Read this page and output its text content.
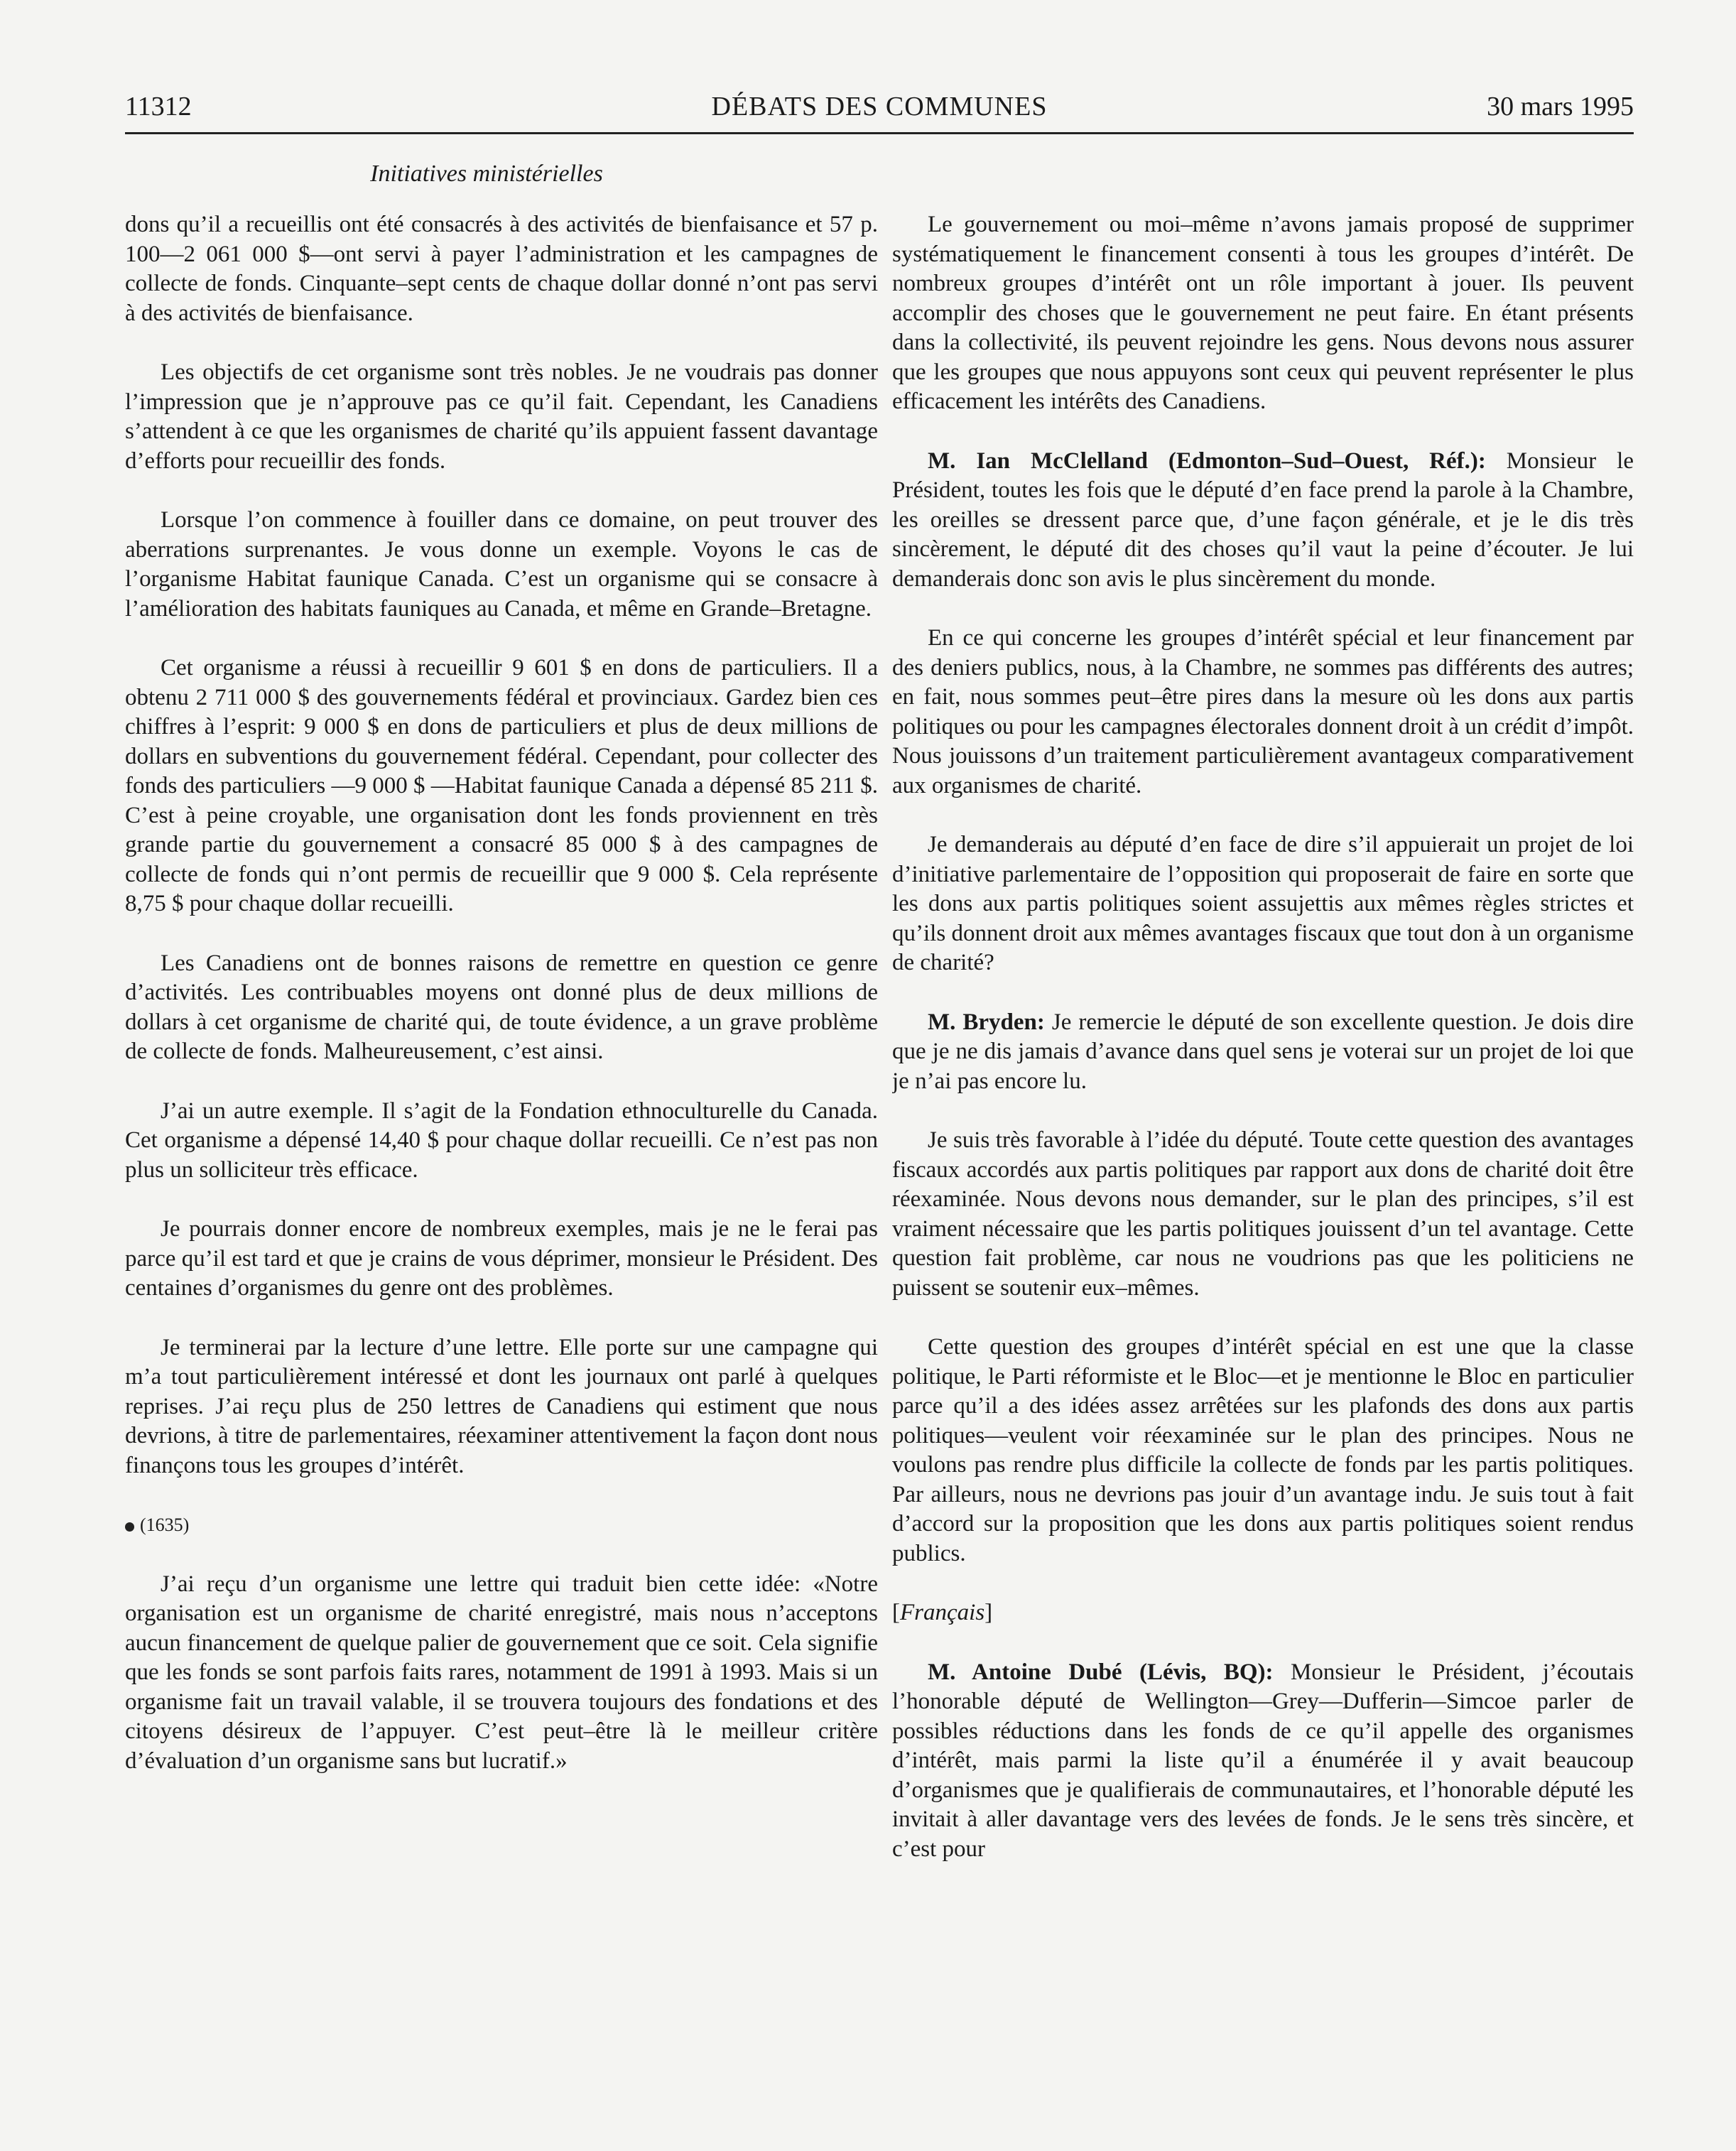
11312	DÉBATS DES COMMUNES	30 mars 1995
Initiatives ministérielles

dons qu’il a recueillis ont été consacrés à des activités de bienfaisance et 57 p. 100—2 061 000 $—ont servi à payer l’administration et les campagnes de collecte de fonds. Cinquante–sept cents de chaque dollar donné n’ont pas servi à des activités de bienfaisance.

Les objectifs de cet organisme sont très nobles. Je ne voudrais pas donner l’impression que je n’approuve pas ce qu’il fait. Cependant, les Canadiens s’attendent à ce que les organismes de charité qu’ils appuient fassent davantage d’efforts pour recueillir des fonds.

Lorsque l’on commence à fouiller dans ce domaine, on peut trouver des aberrations surprenantes. Je vous donne un exemple. Voyons le cas de l’organisme Habitat faunique Canada. C’est un organisme qui se consacre à l’amélioration des habitats fauniques au Canada, et même en Grande–Bretagne.

Cet organisme a réussi à recueillir 9 601 $ en dons de particuliers. Il a obtenu 2 711 000 $ des gouvernements fédéral et provinciaux. Gardez bien ces chiffres à l’esprit: 9 000 $ en dons de particuliers et plus de deux millions de dollars en subventions du gouvernement fédéral. Cependant, pour collecter des fonds des particuliers —9 000 $ —Habitat faunique Canada a dépensé 85 211 $. C’est à peine croyable, une organisation dont les fonds proviennent en très grande partie du gouvernement a consacré 85 000 $ à des campagnes de collecte de fonds qui n’ont permis de recueillir que 9 000 $. Cela représente 8,75 $ pour chaque dollar recueilli.

Les Canadiens ont de bonnes raisons de remettre en question ce genre d’activités. Les contribuables moyens ont donné plus de deux millions de dollars à cet organisme de charité qui, de toute évidence, a un grave problème de collecte de fonds. Malheureusement, c’est ainsi.

J’ai un autre exemple. Il s’agit de la Fondation ethnoculturelle du Canada. Cet organisme a dépensé 14,40 $ pour chaque dollar recueilli. Ce n’est pas non plus un solliciteur très efficace.

Je pourrais donner encore de nombreux exemples, mais je ne le ferai pas parce qu’il est tard et que je crains de vous déprimer, monsieur le Président. Des centaines d’organismes du genre ont des problèmes.

Je terminerai par la lecture d’une lettre. Elle porte sur une campagne qui m’a tout particulièrement intéressé et dont les journaux ont parlé à quelques reprises. J’ai reçu plus de 250 lettres de Canadiens qui estiment que nous devrions, à titre de parlementaires, réexaminer attentivement la façon dont nous finançons tous les groupes d’intérêt.

(1635)

J’ai reçu d’un organisme une lettre qui traduit bien cette idée: «Notre organisation est un organisme de charité enregistré, mais nous n’acceptons aucun financement de quelque palier de gouvernement que ce soit. Cela signifie que les fonds se sont parfois faits rares, notamment de 1991 à 1993. Mais si un organisme fait un travail valable, il se trouvera toujours des fondations et des citoyens désireux de l’appuyer. C’est peut–être là le meilleur critère d’évaluation d’un organisme sans but lucratif.»

Le gouvernement ou moi–même n’avons jamais proposé de supprimer systématiquement le financement consenti à tous les groupes d’intérêt. De nombreux groupes d’intérêt ont un rôle important à jouer. Ils peuvent accomplir des choses que le gouvernement ne peut faire. En étant présents dans la collectivité, ils peuvent rejoindre les gens. Nous devons nous assurer que les groupes que nous appuyons sont ceux qui peuvent représenter le plus efficacement les intérêts des Canadiens.

M. Ian McClelland (Edmonton–Sud–Ouest, Réf.): Monsieur le Président, toutes les fois que le député d’en face prend la parole à la Chambre, les oreilles se dressent parce que, d’une façon générale, et je le dis très sincèrement, le député dit des choses qu’il vaut la peine d’écouter. Je lui demanderais donc son avis le plus sincèrement du monde.

En ce qui concerne les groupes d’intérêt spécial et leur financement par des deniers publics, nous, à la Chambre, ne sommes pas différents des autres; en fait, nous sommes peut–être pires dans la mesure où les dons aux partis politiques ou pour les campagnes électorales donnent droit à un crédit d’impôt. Nous jouissons d’un traitement particulièrement avantageux comparativement aux organismes de charité.

Je demanderais au député d’en face de dire s’il appuierait un projet de loi d’initiative parlementaire de l’opposition qui proposerait de faire en sorte que les dons aux partis politiques soient assujettis aux mêmes règles strictes et qu’ils donnent droit aux mêmes avantages fiscaux que tout don à un organisme de charité?

M. Bryden: Je remercie le député de son excellente question. Je dois dire que je ne dis jamais d’avance dans quel sens je voterai sur un projet de loi que je n’ai pas encore lu.

Je suis très favorable à l’idée du député. Toute cette question des avantages fiscaux accordés aux partis politiques par rapport aux dons de charité doit être réexaminée. Nous devons nous demander, sur le plan des principes, s’il est vraiment nécessaire que les partis politiques jouissent d’un tel avantage. Cette question fait problème, car nous ne voudrions pas que les politiciens ne puissent se soutenir eux–mêmes.

Cette question des groupes d’intérêt spécial en est une que la classe politique, le Parti réformiste et le Bloc—et je mentionne le Bloc en particulier parce qu’il a des idées assez arrêtées sur les plafonds des dons aux partis politiques—veulent voir réexaminée sur le plan des principes. Nous ne voulons pas rendre plus difficile la collecte de fonds par les partis politiques. Par ailleurs, nous ne devrions pas jouir d’un avantage indu. Je suis tout à fait d’accord sur la proposition que les dons aux partis politiques soient rendus publics.

[Français]

M. Antoine Dubé (Lévis, BQ): Monsieur le Président, j’écoutais l’honorable député de Wellington—Grey—Dufferin—Simcoe parler de possibles réductions dans les fonds de ce qu’il appelle des organismes d’intérêt, mais parmi la liste qu’il a énumérée il y avait beaucoup d’organismes que je qualifierais de communautaires, et l’honorable député les invitait à aller davantage vers des levées de fonds. Je le sens très sincère, et c’est pour
